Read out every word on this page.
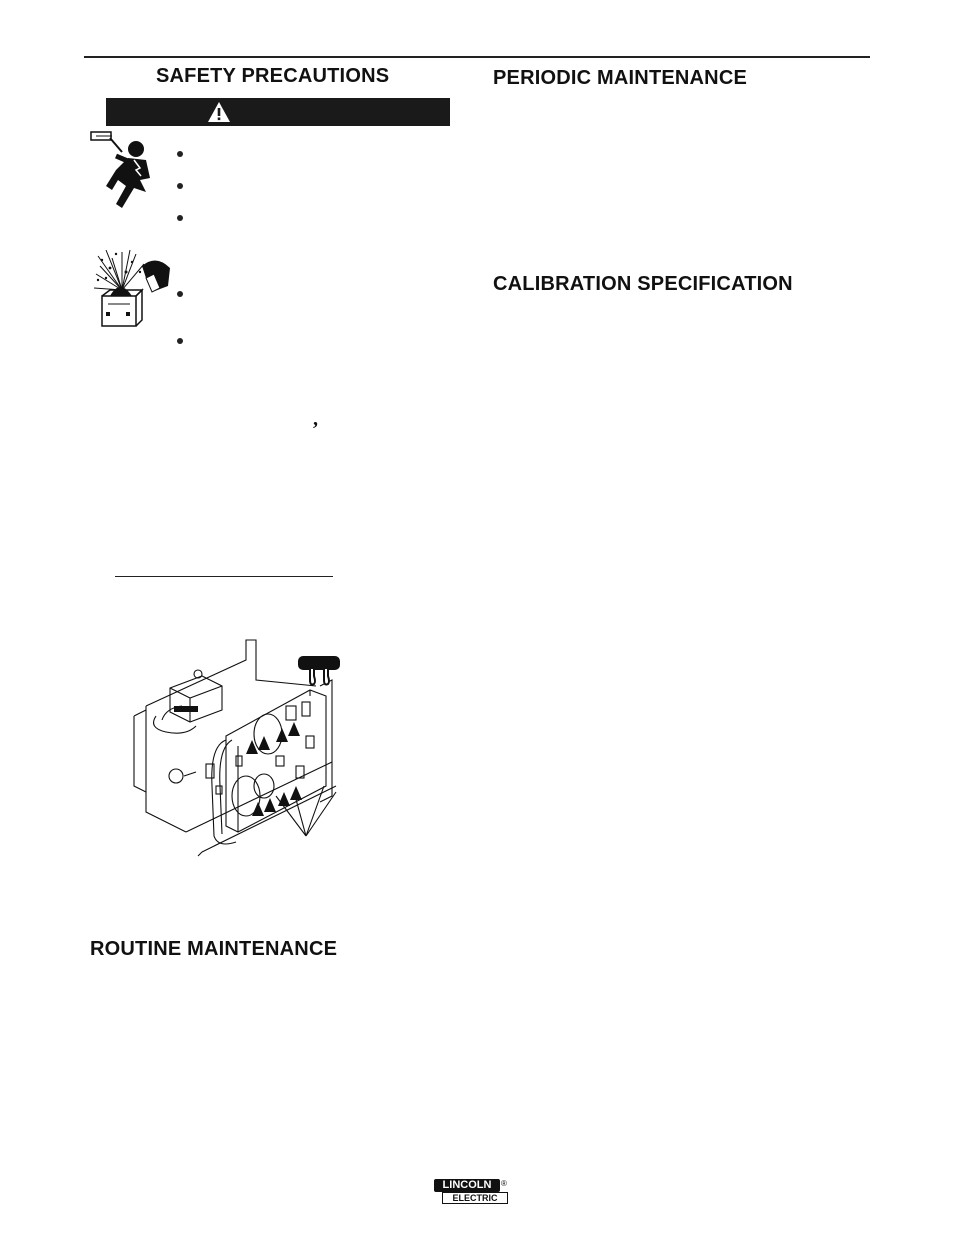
SAFETY PRECAUTIONS
,
ROUTINE MAINTENANCE
PERIODIC MAINTENANCE
CALIBRATION SPECIFICATION
LINCOLN
ELECTRIC
®
